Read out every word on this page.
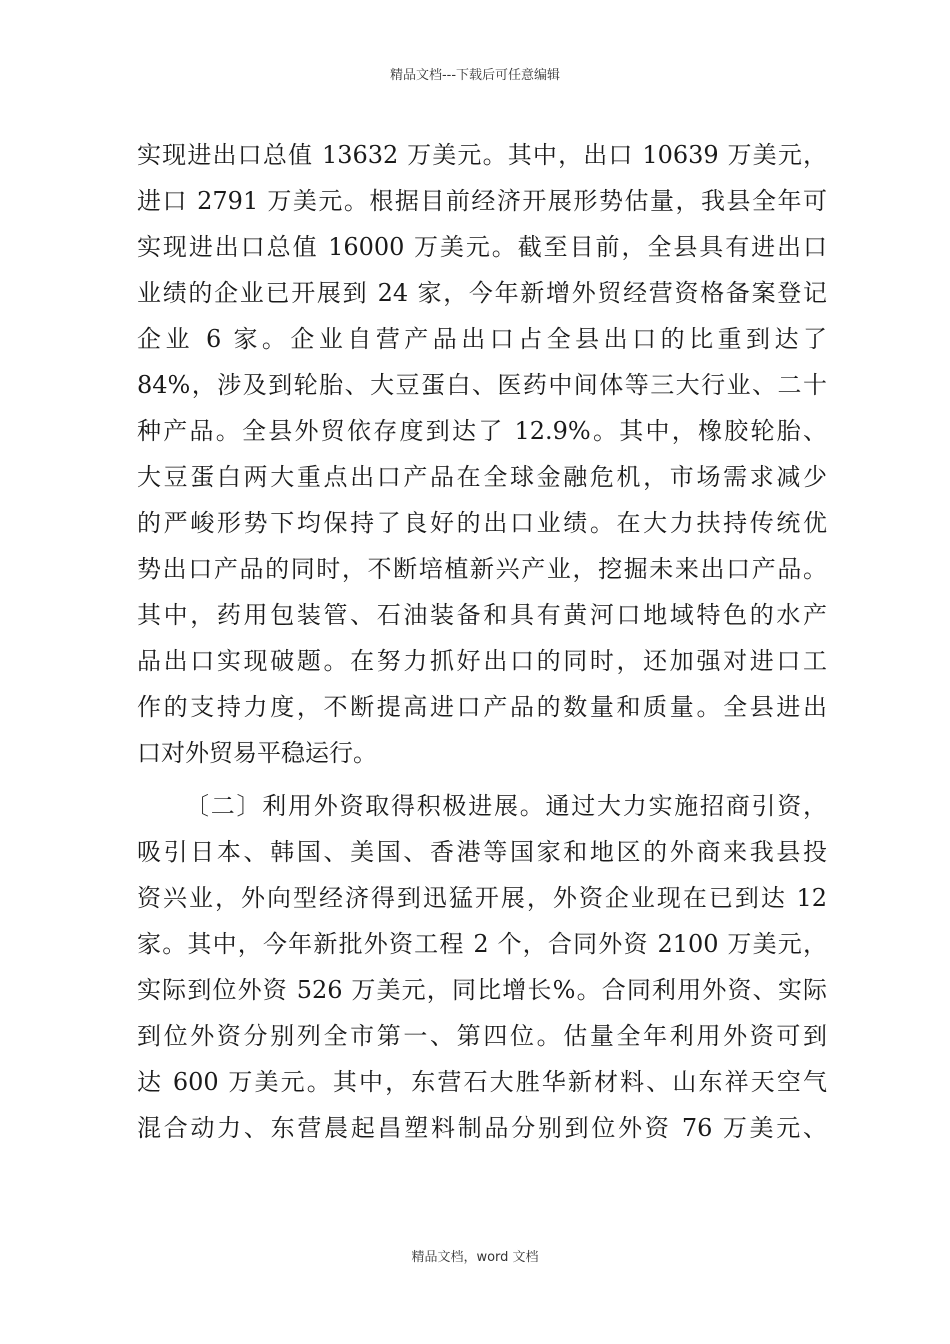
精品文档---下载后可任意编辑
实现进出口总值 13632 万美元。其中，出口 10639 万美元，
进口 2791 万美元。根据目前经济开展形势估量，我县全年可
实现进出口总值 16000 万美元。截至目前，全县具有进出口
业绩的企业已开展到 24 家，今年新增外贸经营资格备案登记
企业 6 家。企业自营产品出口占全县出口的比重到达了
84%，涉及到轮胎、大豆蛋白、医药中间体等三大行业、二十
种产品。全县外贸依存度到达了 12.9%。其中，橡胶轮胎、
大豆蛋白两大重点出口产品在全球金融危机，市场需求减少
的严峻形势下均保持了良好的出口业绩。在大力扶持传统优
势出口产品的同时，不断培植新兴产业，挖掘未来出口产品。
其中，药用包装管、石油装备和具有黄河口地域特色的水产
品出口实现破题。在努力抓好出口的同时，还加强对进口工
作的支持力度，不断提高进口产品的数量和质量。全县进出
口对外贸易平稳运行。
〔二〕利用外资取得积极进展。通过大力实施招商引资，
吸引日本、韩国、美国、香港等国家和地区的外商来我县投
资兴业，外向型经济得到迅猛开展，外资企业现在已到达 12
家。其中，今年新批外资工程 2 个，合同外资 2100 万美元，
实际到位外资 526 万美元，同比增长%。合同利用外资、实际
到位外资分别列全市第一、第四位。估量全年利用外资可到
达 600 万美元。其中，东营石大胜华新材料、山东祥天空气
混合动力、东营晨起昌塑料制品分别到位外资 76 万美元、
精品文档，word 文档
